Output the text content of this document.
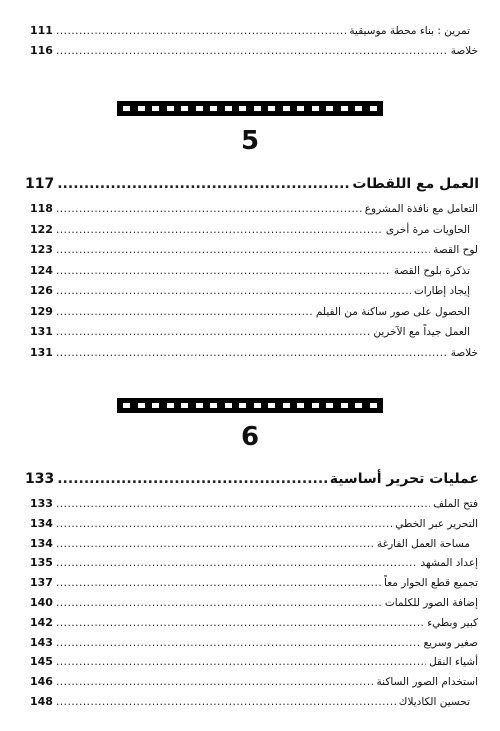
111 .....	تمرين : بناء محطة موسيقية
116 .....	خلاصة
5
117 .....	العمل مع اللقطات
118 .....	التعامل مع نافذة المشروع
122 .....	الحاويات مرة أخرى
123 .....	لوح القصة
124 .....	تذكرة بلوح القصة
126 .....	إيجاد إطارات
129 .....	الحصول على صور ساكنة من الفيلم
131 .....	العمل جيداً مع الآخرين
131 .....	خلاصة
6
133 .....	عمليات تحرير أساسية
133 .....	فتح الملف
134 .....	التحرير عبر الخطي
134 .....	مساحة العمل الفارغة
135 .....	إعداد المشهد
137 .....	تجميع قطع الحوار معاً
140 .....	إضافة الصور للكلمات
142 .....	كبير وبطيء
143 .....	صغير وسريع
145 .....	أشياء النقل
146 .....	استخدام الصور الساكنة
148 .....	تحسين الكاديلاك
